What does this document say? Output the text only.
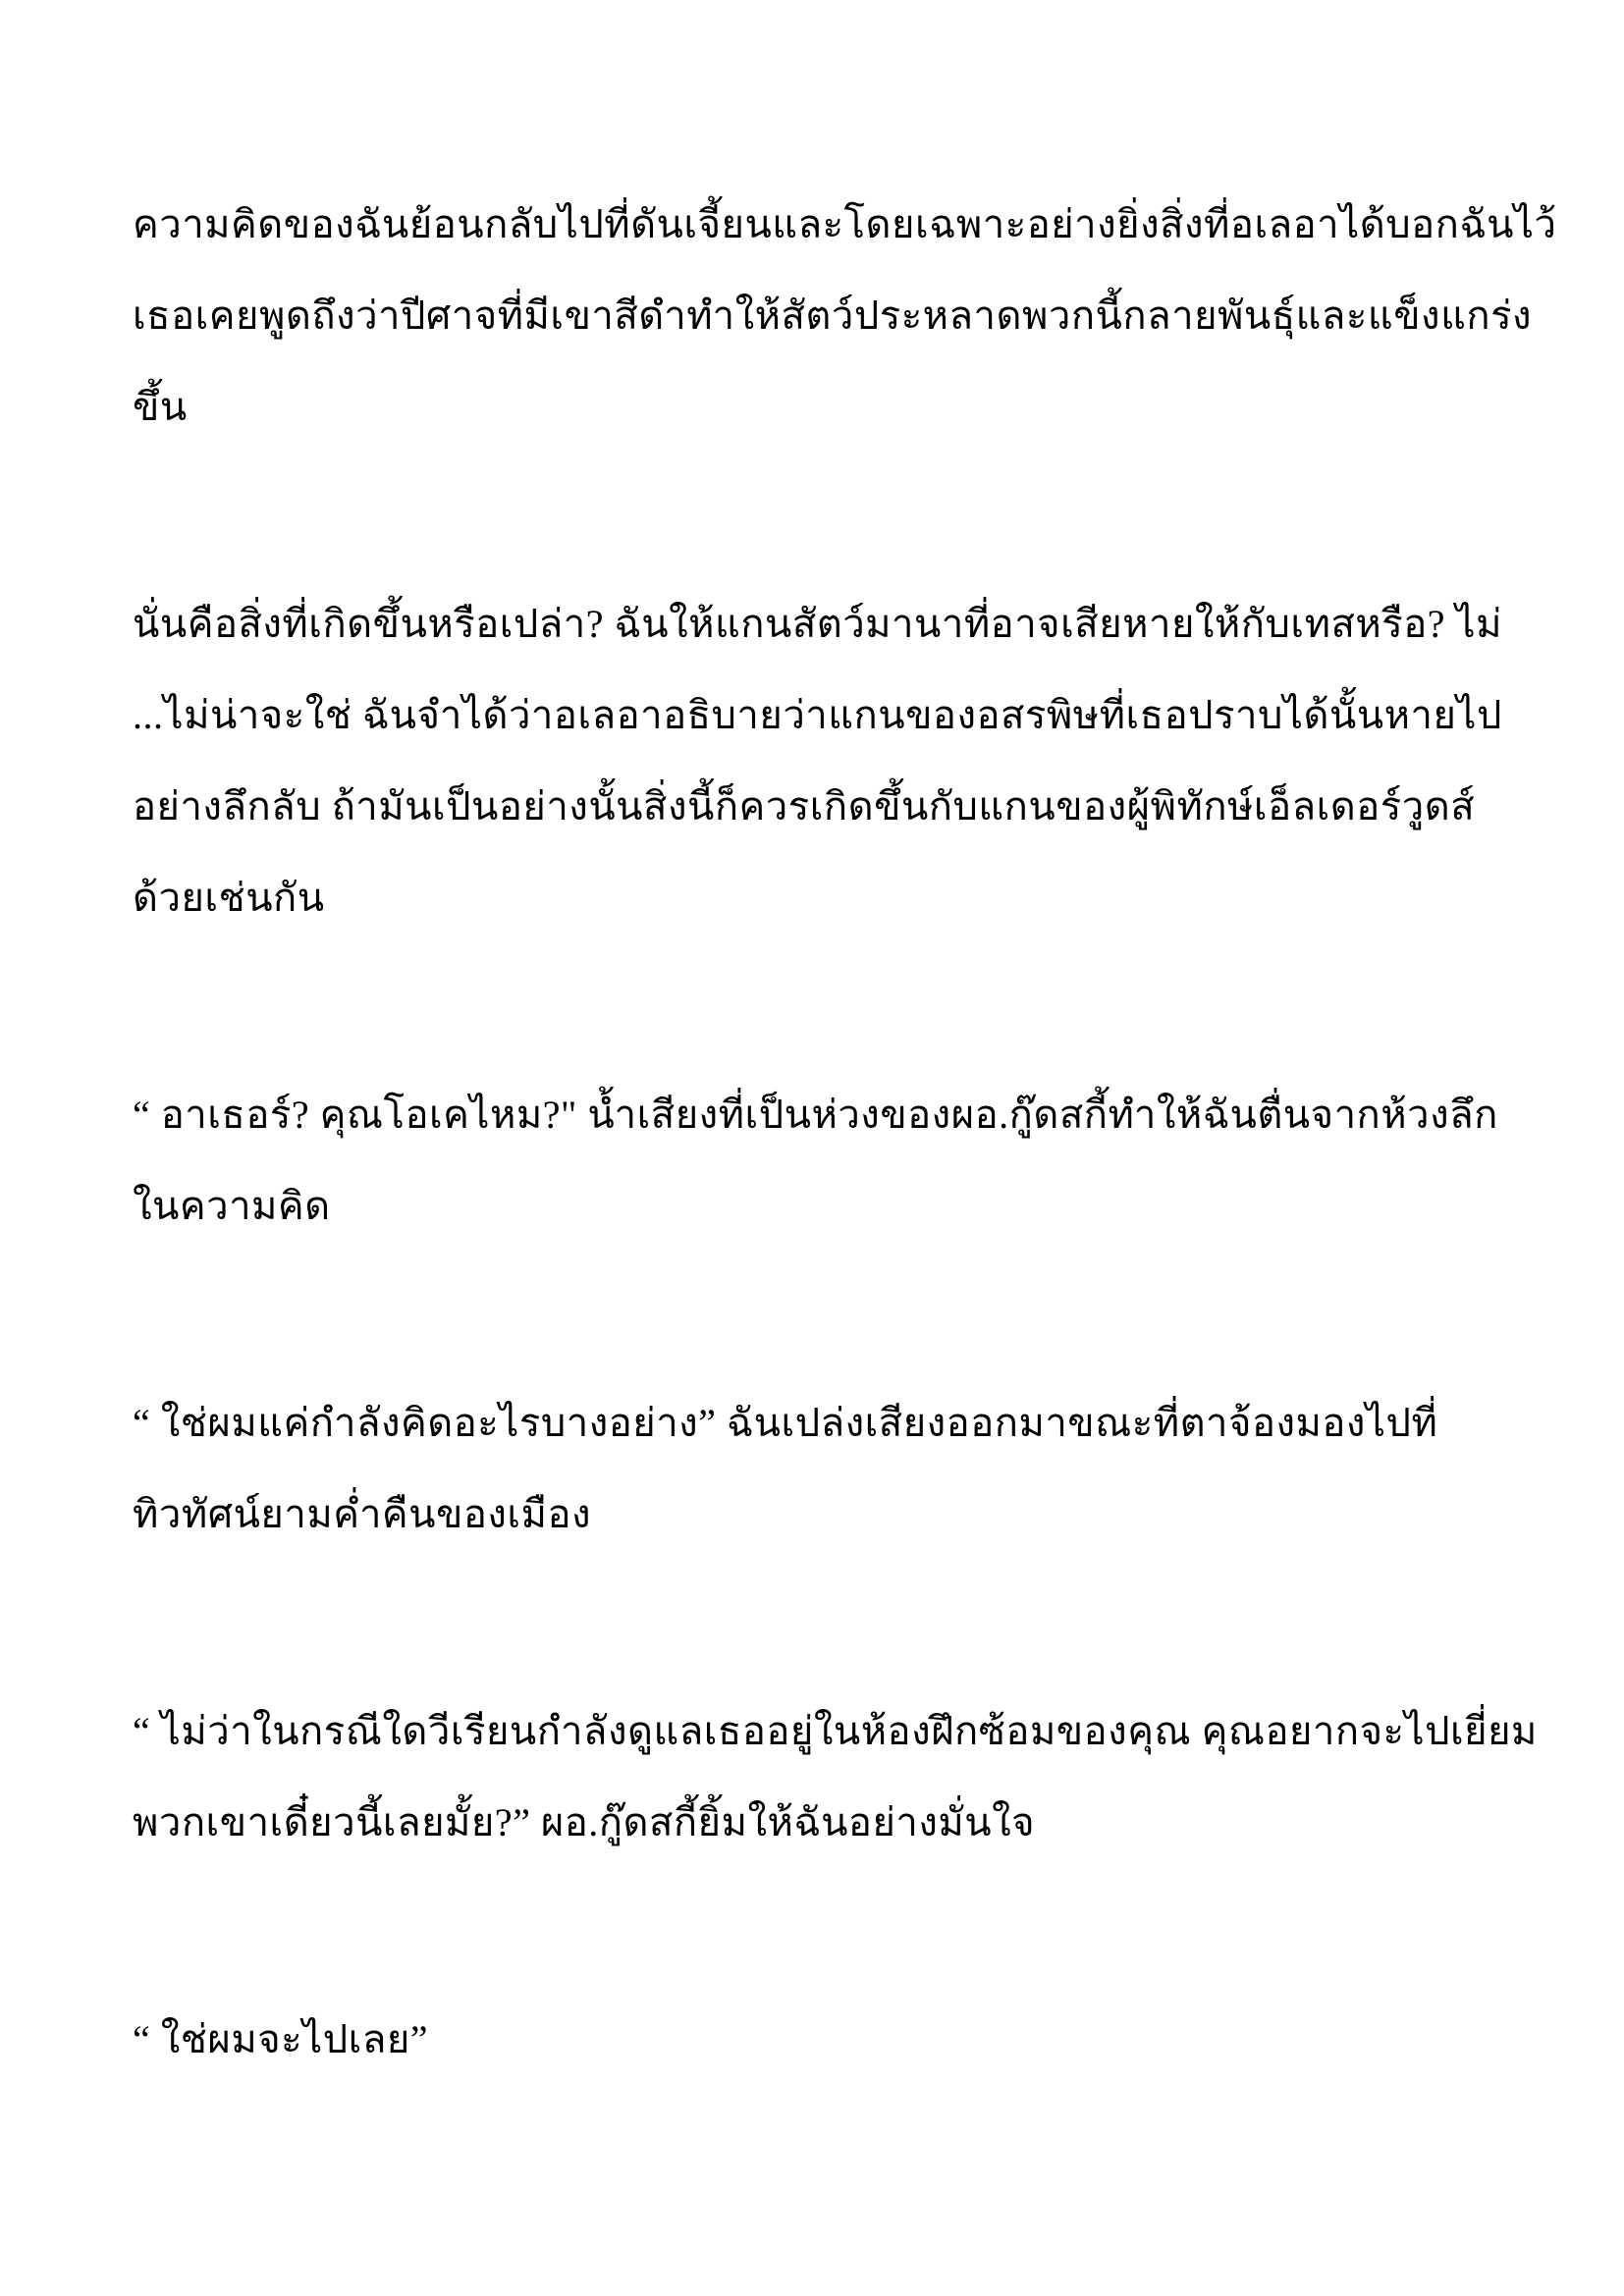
ความคิดของฉันย้อนกลับไปที่ดันเจี้ยนและโดยเฉพาะอย่างยิ่งสิ่งที่อเลอาได้บอกฉันไว้
เธอเคยพูดถึงว่าปีศาจที่มีเขาสีดำทำให้สัตว์ประหลาดพวกนี้กลายพันธุ์และแข็งแกร่ง
ขึ้น
นั่นคือสิ่งที่เกิดขึ้นหรือเปล่า? ฉันให้แกนสัตว์มานาที่อาจเสียหายให้กับเทสหรือ? ไม่
...ไม่น่าจะใช่ ฉันจำได้ว่าอเลอาอธิบายว่าแกนของอสรพิษที่เธอปราบได้นั้นหายไป
อย่างลึกลับ ถ้ามันเป็นอย่างนั้นสิ่งนี้ก็ควรเกิดขึ้นกับแกนของผู้พิทักษ์เอ็ลเดอร์วูดส์
ด้วยเช่นกัน
“ อาเธอร์? คุณโอเคไหม?" น้ำเสียงที่เป็นห่วงของผอ.กู๊ดสกี้ทำให้ฉันตื่นจากห้วงลึก
ในความคิด
“ ใช่ผมแค่กำลังคิดอะไรบางอย่าง” ฉันเปล่งเสียงออกมาขณะที่ตาจ้องมองไปที่
ทิวทัศน์ยามค่ำคืนของเมือง
“ ไม่ว่าในกรณีใดวีเรียนกำลังดูแลเธออยู่ในห้องฝึกซ้อมของคุณ คุณอยากจะไปเยี่ยม
พวกเขาเดี๋ยวนี้เลยมั้ย?” ผอ.กู๊ดสกี้ยิ้มให้ฉันอย่างมั่นใจ
“ ใช่ผมจะไปเลย”
